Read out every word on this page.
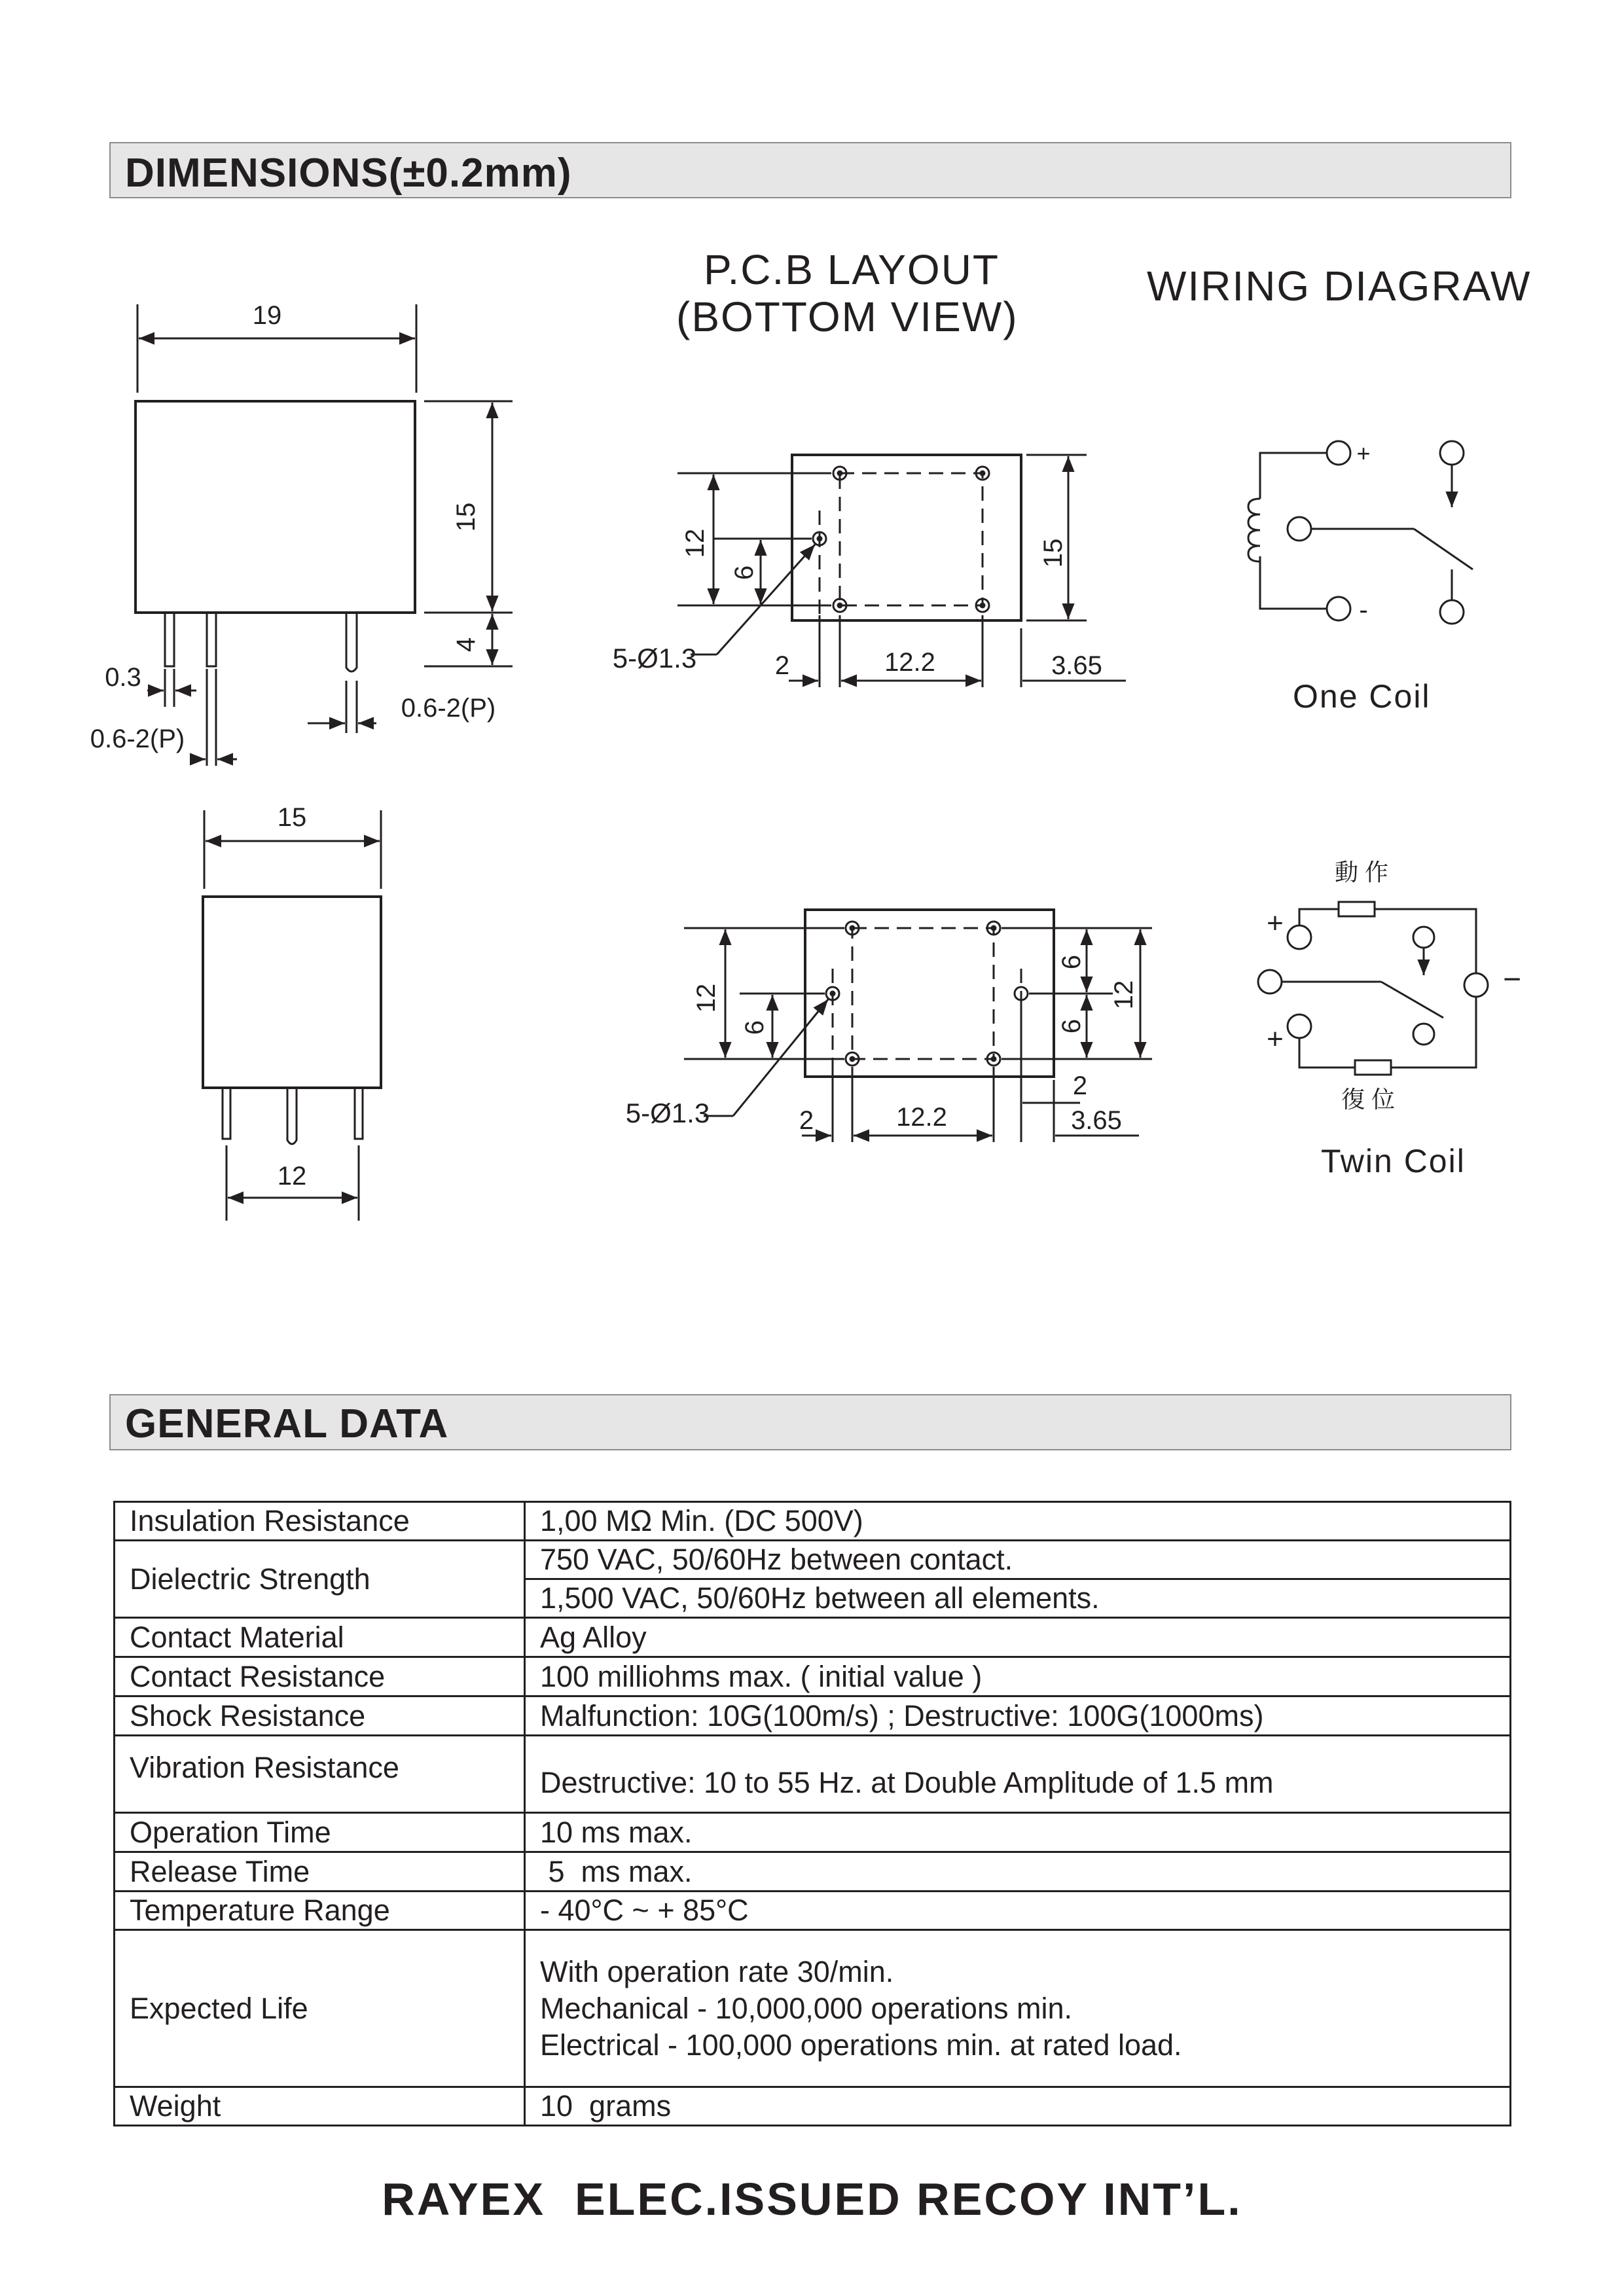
DIMENSIONS(±0.2mm)
P.C.B LAYOUT
(BOTTOM VIEW)
WIRING DIAGRAW
19
15
4
0.3
0.6-2(P)
0.6-2(P)
15
12
12
6
15
5-Ø1.3	2	12.2	3.65
12
6
6
6
12
5-Ø1.3	2	12.2
2
3.65
+
-
動 作
復 位
+
+
−
One Coil
Twin Coil
GENERAL DATA
Insulation Resistance	1,00 MΩ Min. (DC 500V)
Dielectric Strength	750 VAC, 50/60Hz between contact.
	1,500 VAC, 50/60Hz between all elements.
Contact Material	Ag Alloy
Contact Resistance	100 milliohms max. ( initial value )
Shock Resistance	Malfunction: 10G(100m/s) ; Destructive: 100G(1000ms)
Vibration Resistance	Destructive: 10 to 55 Hz. at Double Amplitude of 1.5 mm
Operation Time	10 ms max.
Release Time	5  ms max.
Temperature Range	- 40°C ~ + 85°C
Expected Life	With operation rate 30/min.
Mechanical - 10,000,000 operations min.
Electrical - 100,000 operations min. at rated load.

Weight	10  grams
RAYEX  ELEC.ISSUED RECOY INT’L.
